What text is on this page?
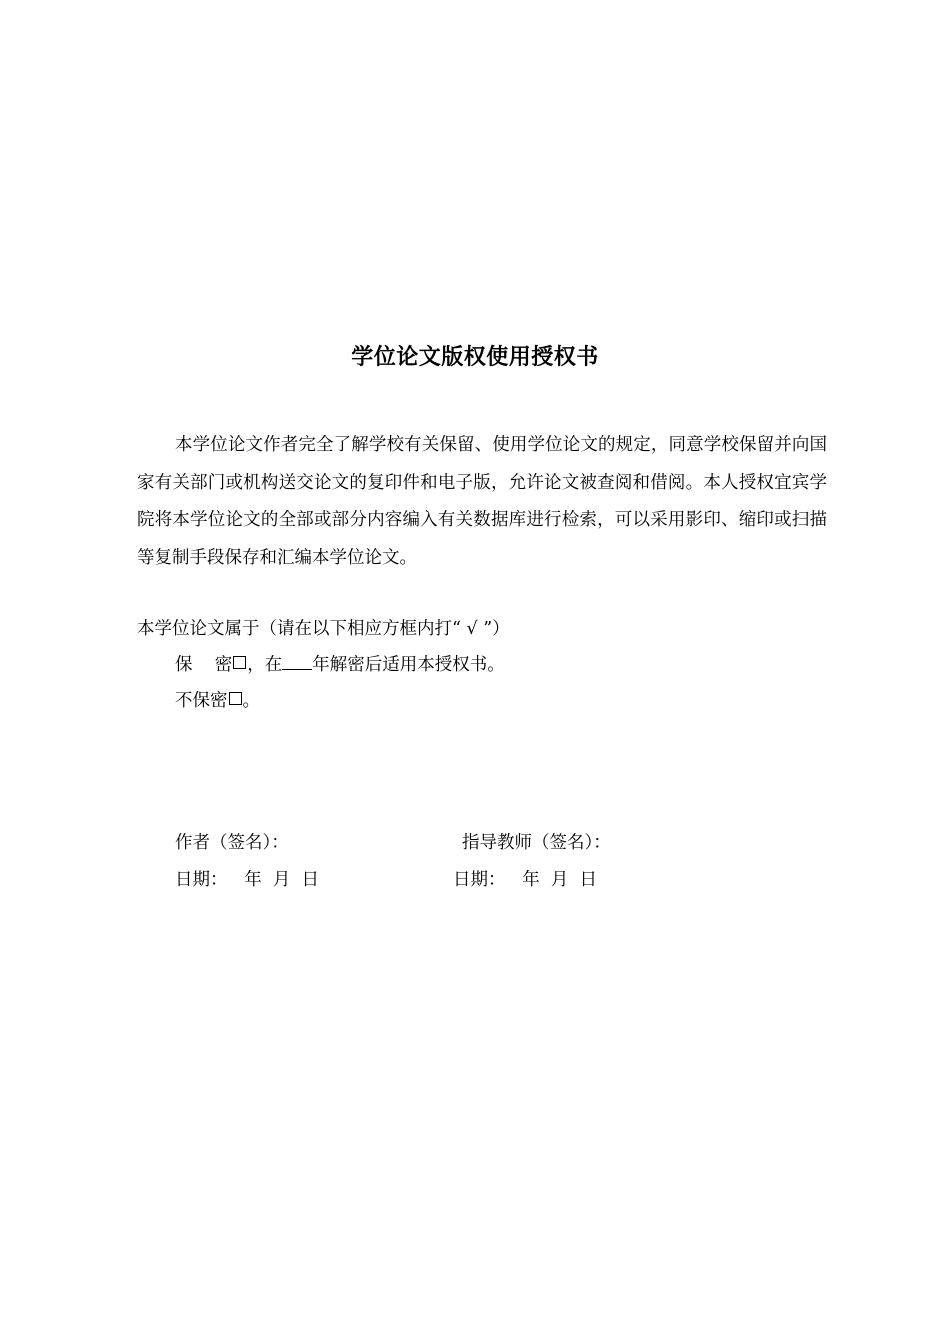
学位论文版权使用授权书

本学位论文作者完全了解学校有关保留、使用学位论文的规定，同意学校保留并向国家有关部门或机构送交论文的复印件和电子版，允许论文被查阅和借阅。本人授权宜宾学院将本学位论文的全部或部分内容编入有关数据库进行检索，可以采用影印、缩印或扫描等复制手段保存和汇编本学位论文。

本学位论文属于（请在以下相应方框内打“ √ ”）
保    密 ，在 年解密后适用本授权书。
不保密 。
作者（签名）：	指导教师（签名）：
日期：   年  月  日	日期：   年  月  日
